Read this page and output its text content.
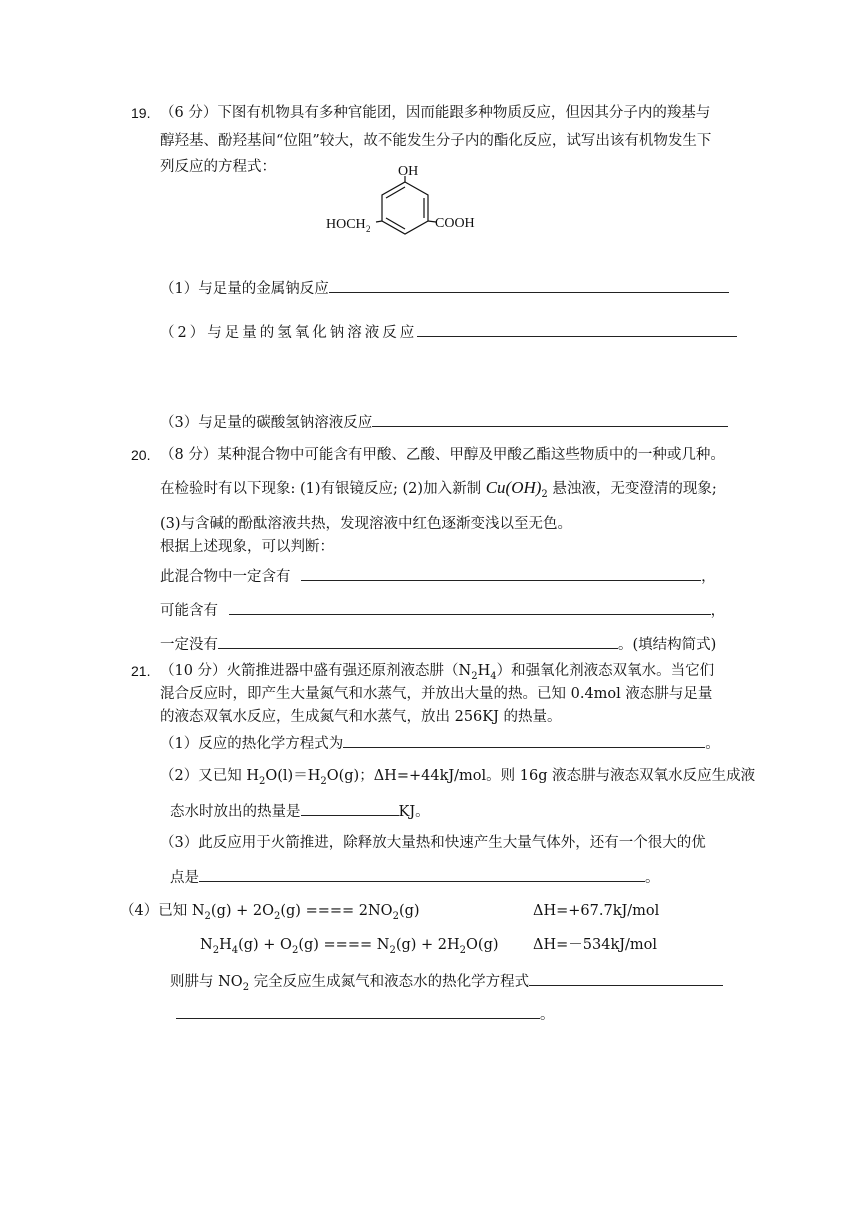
19. （6 分）下图有机物具有多种官能团，因而能跟多种物质反应，但因其分子内的羧基与
醇羟基、酚羟基间“位阻”较大，故不能发生分子内的酯化反应，试写出该有机物发生下
列反应的方程式：	OH
HOCH 2	COOH
（1）与足量的金属钠反应
（2）与足量的氢氧化钠溶液反应
（3）与足量的碳酸氢钠溶液反应
20. （8 分）某种混合物中可能含有甲酸、乙酸、甲醇及甲酸乙酯这些物质中的一种或几种。
在检验时有以下现象: (1)有银镜反应; (2)加入新制 $Cu(OH)_2$ 悬浊液，无变澄清的现象;
(3)与含碱的酚酞溶液共热，发现溶液中红色逐渐变浅以至无色。
根据上述现象，可以判断：
此混合物中一定含有	，
可能含有	，
一定没有	。(填结构简式)
21. （10 分）火箭推进器中盛有强还原剂液态肼$(N_2H_4)$和强氧化剂液态双氧水。当它们
混合反应时，即产生大量氮气和水蒸气，并放出大量的热。已知 0.4mol 液态肼与足量
的液态双氧水反应，生成氮气和水蒸气，放出 256KJ 的热量。
（1）反应的热化学方程式为	。
（2）又已知 $H_2O(l)=H_2O(g)$；ΔH=+44kJ/mol。则 16g 液态肼与液态双氧水反应生成液
态水时放出的热量是	KJ。
（3）此反应用于火箭推进，除释放大量热和快速产生大量气体外，还有一个很大的优
点是	。
（4）已知 $N_2(g) + 2O_2(g)$ ==== $2NO_2(g)$	ΔH=+67.7kJ/mol
$N_2H_4(g) + O_2(g)$ ==== $N_2(g) + 2H_2O(g)$ ΔH=－534kJ/mol
则肼与 $NO_2$ 完全反应生成氮气和液态水的热化学方程式
。
